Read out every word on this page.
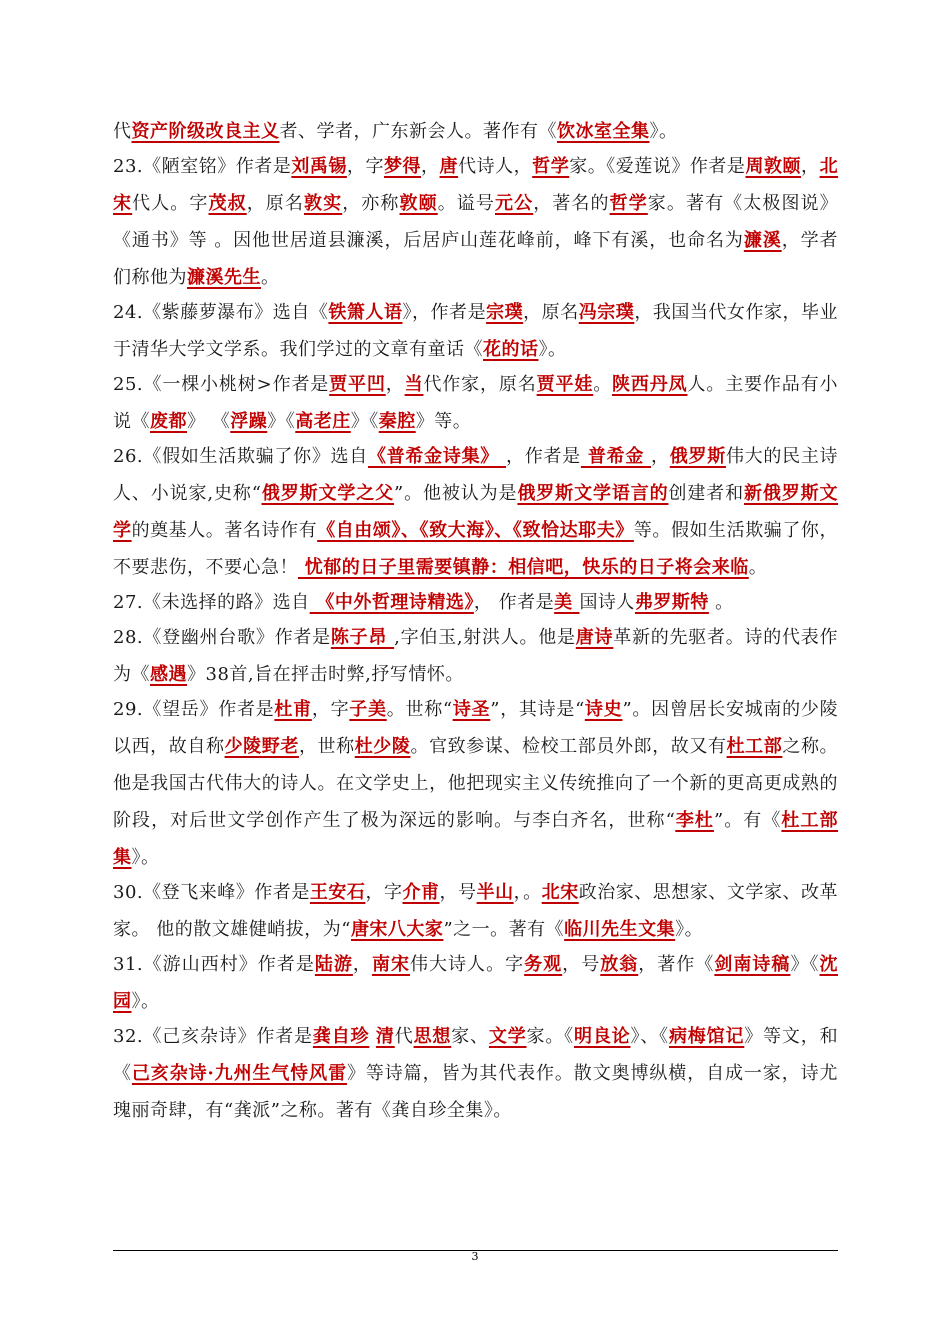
代资产阶级改良主义者、学者，广东新会人。著作有《饮冰室全集》。

23.《陋室铭》作者是刘禹锡，字梦得，唐代诗人，哲学家。《爱莲说》作者是周敦颐，北宋代人。字茂叔，原名敦实，亦称敦颐。谥号元公，著名的哲学家。著有《太极图说》《通书》等 。因他世居道县濂溪，后居庐山莲花峰前，峰下有溪，也命名为濂溪，学者们称他为濂溪先生。

24.《紫藤萝瀑布》选自《铁箫人语》，作者是宗璞，原名冯宗璞，我国当代女作家，毕业于清华大学文学系。我们学过的文章有童话《花的话》。

25.《一棵小桃树>作者是贾平凹，当代作家，原名贾平娃。陕西丹凤人。主要作品有小说《废都》 《浮躁》《高老庄》《秦腔》等。

26.《假如生活欺骗了你》选自《普希金诗集》 ，作者是 普希金 ，俄罗斯伟大的民主诗人、小说家,史称“俄罗斯文学之父”。他被认为是俄罗斯文学语言的创建者和新俄罗斯文学的奠基人。著名诗作有《自由颂》、《致大海》、《致恰达耶夫》等。假如生活欺骗了你，不要悲伤，不要心急！ 忧郁的日子里需要镇静：相信吧，快乐的日子将会来临。

27.《未选择的路》选自 《中外哲理诗精选》， 作者是美 国诗人弗罗斯特 。

28.《登幽州台歌》作者是陈子昂 ,字伯玉,射洪人。他是唐诗革新的先驱者。诗的代表作为《感遇》38首,旨在抨击时弊,抒写情怀。

29.《望岳》作者是杜甫，字子美。世称“诗圣”，其诗是“诗史”。因曾居长安城南的少陵以西，故自称少陵野老，世称杜少陵。官致参谋、检校工部员外郎，故又有杜工部之称。他是我国古代伟大的诗人。在文学史上，他把现实主义传统推向了一个新的更高更成熟的阶段，对后世文学创作产生了极为深远的影响。与李白齐名，世称“李杜”。有《杜工部集》。

30.《登飞来峰》作者是王安石，字介甫，号半山，。北宋政治家、思想家、文学家、改革家。 他的散文雄健峭拔，为“唐宋八大家”之一。著有《临川先生文集》。

31.《游山西村》作者是陆游，南宋伟大诗人。字务观，号放翁，著作《剑南诗稿》《沈园》。

32.《己亥杂诗》作者是龚自珍 清代思想家、文学家。《明良论》、《病梅馆记》等文，和《己亥杂诗·九州生气恃风雷》等诗篇，皆为其代表作。散文奥博纵横，自成一家，诗尤瑰丽奇肆，有“龚派”之称。著有《龚自珍全集》。

3
